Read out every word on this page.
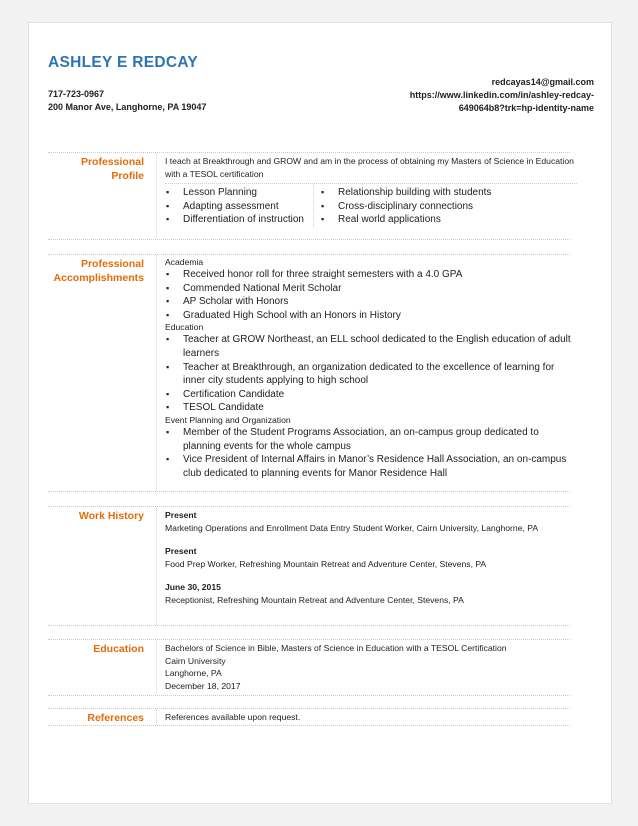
ASHLEY E REDCAY
717-723-0967
200 Manor Ave, Langhorne, PA 19047
redcayas14@gmail.com
https://www.linkedin.com/in/ashley-redcay-
649064b8?trk=hp-identity-name
Professional Profile
I teach at Breakthrough and GROW and am in the process of obtaining my Masters of Science in Education with a TESOL certification
▪ Lesson Planning
▪ Adapting assessment
▪ Differentiation of instruction
▪ Relationship building with students
▪ Cross-disciplinary connections
▪ Real world applications
Professional Accomplishments
Academia
▪ Received honor roll for three straight semesters with a 4.0 GPA
▪ Commended National Merit Scholar
▪ AP Scholar with Honors
▪ Graduated High School with an Honors in History
Education
▪ Teacher at GROW Northeast, an ELL school dedicated to the English education of adult learners
▪ Teacher at Breakthrough, an organization dedicated to the excellence of learning for inner city students applying to high school
▪ Certification Candidate
▪ TESOL Candidate
Event Planning and Organization
▪ Member of the Student Programs Association, an on-campus group dedicated to planning events for the whole campus
▪ Vice President of Internal Affairs in Manor’s Residence Hall Association, an on-campus club dedicated to planning events for Manor Residence Hall
Work History Present

Marketing Operations and Enrollment Data Entry Student Worker, Cairn University, Langhorne, PA

Present

Food Prep Worker, Refreshing Mountain Retreat and Adventure Center, Stevens, PA

June 30, 2015

Receptionist, Refreshing Mountain Retreat and Adventure Center, Stevens, PA

Education Bachelors of Science in Bible, Masters of Science in Education with a TESOL Certification
Cairn University
Langhorne, PA
December 18, 2017
References References available upon request.
